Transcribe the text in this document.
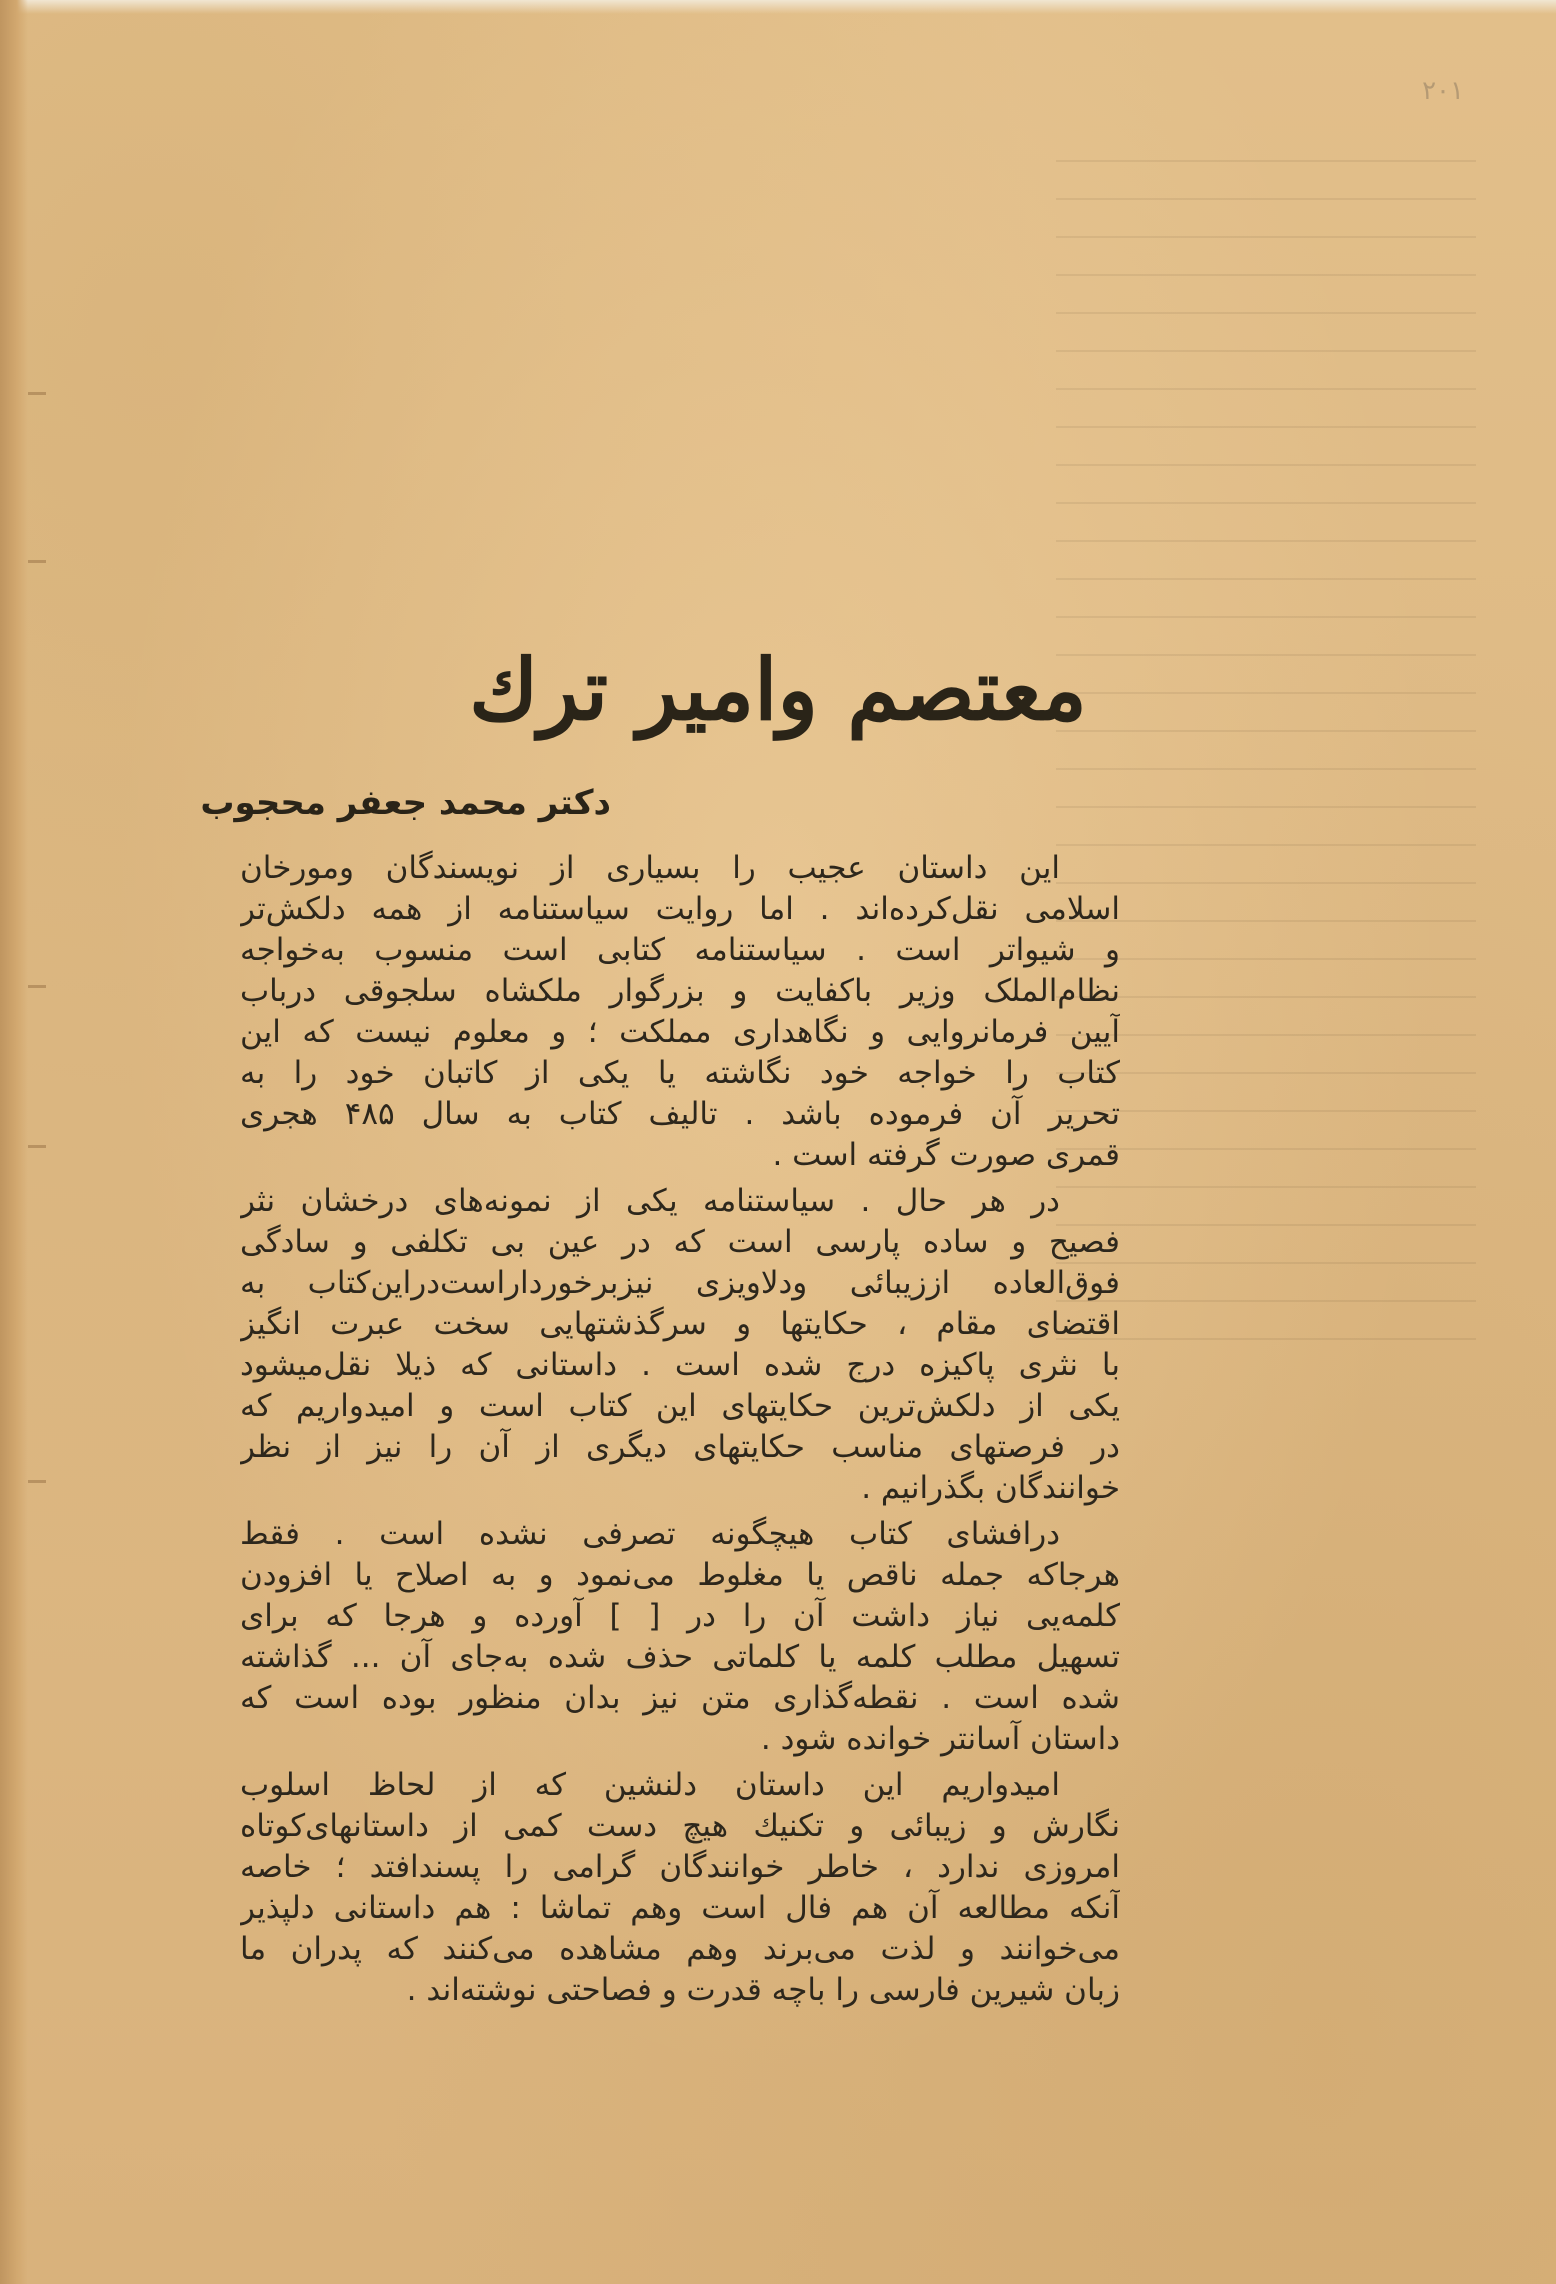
۲۰۱
معتصم وامير ترك
دكتر محمد جعفر محجوب
این داستان عجیب را بسیاری از نویسندگان ومورخان
اسلامی نقل‌کرده‌اند . اما روایت سیاستنامه از همه دلکش‌تر
و شیواتر است . سیاستنامه کتابی است منسوب به‌خواجه
نظام‌الملک وزیر باکفایت و بزرگوار ملکشاه سلجوقی درباب
آیین فرمانروایی و نگاهداری مملکت ؛ و معلوم نیست که این
کتاب را خواجه خود نگاشته یا یکی از کاتبان خود را به
تحریر آن فرموده باشد . تالیف کتاب به سال ۴۸۵ هجری
قمری صورت گرفته است .
در هر حال . سیاستنامه یکی از نمونه‌های درخشان نثر
فصیح و ساده پارسی است که در عین بی تکلفی و سادگی
فوق‌العاده اززیبائی ودلاویزی نیزبرخورداراست‌دراین‌کتاب به
اقتضای مقام ، حکایتها و سرگذشتهایی سخت عبرت انگیز
با نثری پاکیزه درج شده است . داستانی که ذیلا نقل‌میشود
یکی از دلکش‌ترین حکایتهای این کتاب است و امیدواریم که
در فرصتهای مناسب حکایتهای دیگری از آن را نیز از نظر
خوانندگان بگذرانیم .
درافشای کتاب هیچگونه تصرفی نشده است . فقط
هرجاکه جمله ناقص یا مغلوط می‌نمود و به اصلاح یا افزودن
کلمه‌یی نیاز داشت آن را در [ ] آورده و هرجا که برای
تسهیل مطلب کلمه یا کلماتی حذف شده به‌جای آن ... گذاشته
شده است . نقطه‌گذاری متن نیز بدان منظور بوده است که
داستان آسانتر خوانده شود .
امیدواریم این داستان دلنشین که از لحاظ اسلوب
نگارش و زیبائی و تکنیك هیچ دست کمی از داستانهای‌کوتاه
امروزی ندارد ، خاطر خوانندگان گرامی را پسندافتد ؛ خاصه
آنکه مطالعه آن هم فال است وهم تماشا : هم داستانی دلپذیر
می‌خوانند و لذت می‌برند وهم مشاهده می‌کنند که پدران ما
زبان شیرین فارسی را باچه قدرت و فصاحتی نوشته‌اند .
